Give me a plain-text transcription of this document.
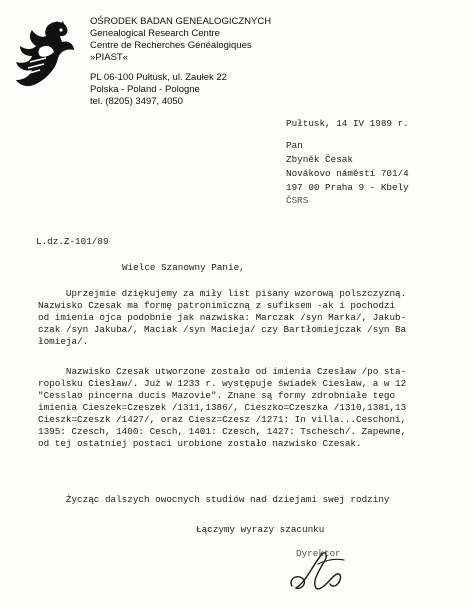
OŚRODEK BADAN GENEALOGICZNYCH
Genealogical Research Centre
Centre de Recherches Généalogiques
»PIAST«
PL 06-100 Pułtusk, ul. Zaułek 22
Polska - Poland - Pologne
tel. (8205) 3497, 4050
Pułtusk, 14 IV 1989 r.
Pan
Zbyněk Česak
Novákovo náměstí 701/4
197 00 Praha 9 - Kbely
ČSRS
L.dz.Z-101/89
Wielce Szanowny Panie,
Uprzejmie dziękujemy za miły list pisany wzorową polszczyzną.
Nazwisko Czesak ma formę patronimiczną z sufiksem -ak i pochodzi
od imienia ojca podobnie jak nazwiska: Marczak /syn Marka/, Jakub-
czak /syn Jakuba/, Maciak /syn Macieja/ czy Bartłomiejczak /syn Ba
łomieja/.
Nazwisko Czesak utworzone zostało od imienia Czesław /po sta-
ropolsku Ciesław/. Już w 1233 r. występuje świadek Ciesław, a w 12
"Cesslao pincerna ducis Mazovie". Znane są formy zdrobniałe tego
imienia Cieszek=Czeszek /1311,1386/, Cieszko=Czeszka /1310,1381,13
Cieszk=Czeszk /1427/, oraz Ciesz=Czesz /1271: In villa...Ceschoni,
1395: Czesch, 1400: Cesch, 1401: Czesch, 1427: Tschesch/. Zapewne,
od tej ostatniej postaci urobione zostało nazwisko Czesak.
Życząc dalszych owocnych studiów nad dziejami swej rodziny
Łączymy wyrazy szacunku
Dyrektor
